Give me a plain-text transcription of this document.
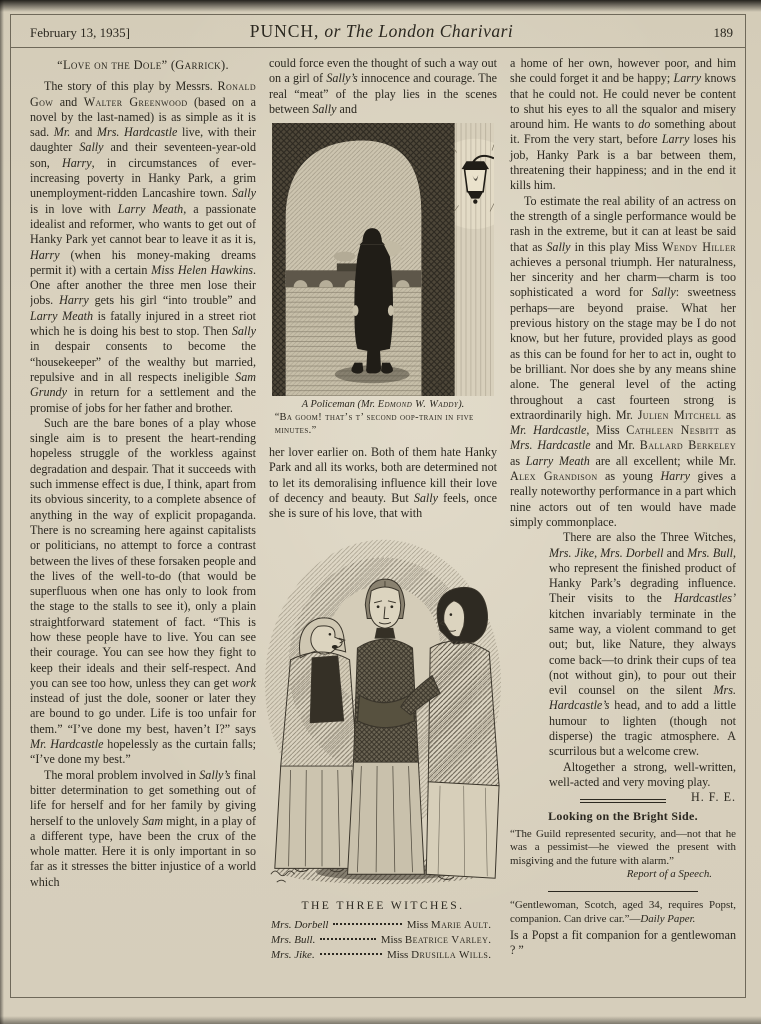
February 13, 1935]	PUNCH, or The London Charivari	189

“Love on the Dole” (Garrick).

The story of this play by Messrs. Ronald Gow and Walter Greenwood (based on a novel by the last-named) is as simple as it is sad. Mr. and Mrs. Hardcastle live, with their daughter Sally and their seventeen-year-old son, Harry, in circumstances of ever-increasing poverty in Hanky Park, a grim unemployment-ridden Lancashire town. Sally is in love with Larry Meath, a passionate idealist and reformer, who wants to get out of Hanky Park yet cannot bear to leave it as it is, Harry (when his money-making dreams permit it) with a certain Miss Helen Hawkins. One after another the three men lose their jobs. Harry gets his girl “into trouble” and Larry Meath is fatally injured in a street riot which he is doing his best to stop. Then Sally in despair consents to become the “housekeeper” of the wealthy but married, repulsive and in all respects ineligible Sam Grundy in return for a settlement and the promise of jobs for her father and brother.

Such are the bare bones of a play whose single aim is to present the heart-rending hopeless struggle of the workless against degradation and despair. That it succeeds with such immense effect is due, I think, apart from its obvious sincerity, to a complete absence of anything in the way of explicit propaganda. There is no screaming here against capitalists or politicians, no attempt to force a contrast between the lives of these forsaken people and the lives of the well-to-do (that would be superfluous when one has only to look from the stage to the stalls to see it), only a plain straightforward statement of fact. “This is how these people have to live. You can see their courage. You can see how they fight to keep their ideals and their self-respect. And you can see too how, unless they can get work instead of just the dole, sooner or later they are bound to go under. Life is too unfair for them.” “I’ve done my best, haven’t I?” says Mr. Hardcastle hopelessly as the curtain falls; “I’ve done my best.”

The moral problem involved in Sally’s final bitter determination to get something out of life for herself and for her family by giving herself to the unlovely Sam might, in a play of a different type, have been the crux of the whole matter. Here it is only important in so far as it stresses the bitter injustice of a world which

could force even the thought of such a way out on a girl of Sally’s innocence and courage. The real “meat” of the play lies in the scenes between Sally and

A Policeman (Mr. Edmond W. Waddy).
“Ba goom! that’s t’ second oop-train in five minutes.”

her lover earlier on. Both of them hate Hanky Park and all its works, both are determined not to let its demoralising influence kill their love of decency and beauty. But Sally feels, once she is sure of his love, that with

THE THREE WITCHES.
Mrs. Dorbell	Miss Marie Ault.
Mrs. Bull.	Miss Beatrice Varley.
Mrs. Jike.	Miss Drusilla Wills.

a home of her own, however poor, and him she could forget it and be happy; Larry knows that he could not. He could never be content to shut his eyes to all the squalor and misery around him. He wants to do something about it. From the very start, before Larry loses his job, Hanky Park is a bar between them, threatening their happiness; and in the end it kills him.

To estimate the real ability of an actress on the strength of a single performance would be rash in the extreme, but it can at least be said that as Sally in this play Miss Wendy Hiller achieves a personal triumph. Her naturalness, her sincerity and her charm—charm is too sophisticated a word for Sally: sweetness perhaps—are beyond praise. What her previous history on the stage may be I do not know, but her future, provided plays as good as this can be found for her to act in, ought to be brilliant. Nor does she by any means shine alone. The general level of the acting throughout a cast fourteen strong is extraordinarily high. Mr. Julien Mitchell as Mr. Hardcastle, Miss Cathleen Nesbitt as Mrs. Hardcastle and Mr. Ballard Berkeley as Larry Meath are all excellent; while Mr. Alex Grandison as young Harry gives a really noteworthy performance in a part which nine actors out of ten would have made simply commonplace.

There are also the Three Witches, Mrs. Jike, Mrs. Dorbell and Mrs. Bull, who represent the finished product of Hanky Park’s degrading influence. Their visits to the Hardcastles’ kitchen invariably terminate in the same way, a violent command to get out; but, like Nature, they always come back—to drink their cups of tea (not without gin), to pour out their evil counsel on the silent Mrs. Hardcastle’s head, and to add a little humour to lighten (though not disperse) the tragic atmosphere. A scurrilous but a welcome crew.

Altogether a strong, well-written, well-acted and very moving play.
H. F. E.

Looking on the Bright Side.

“The Guild represented security, and—not that he was a pessimist—he viewed the present with misgiving and the future with alarm.”

Report of a Speech.

“Gentlewoman, Scotch, aged 34, requires Popst, companion. Can drive car.”—Daily Paper.

Is a Popst a fit companion for a gentlewoman ? ”
